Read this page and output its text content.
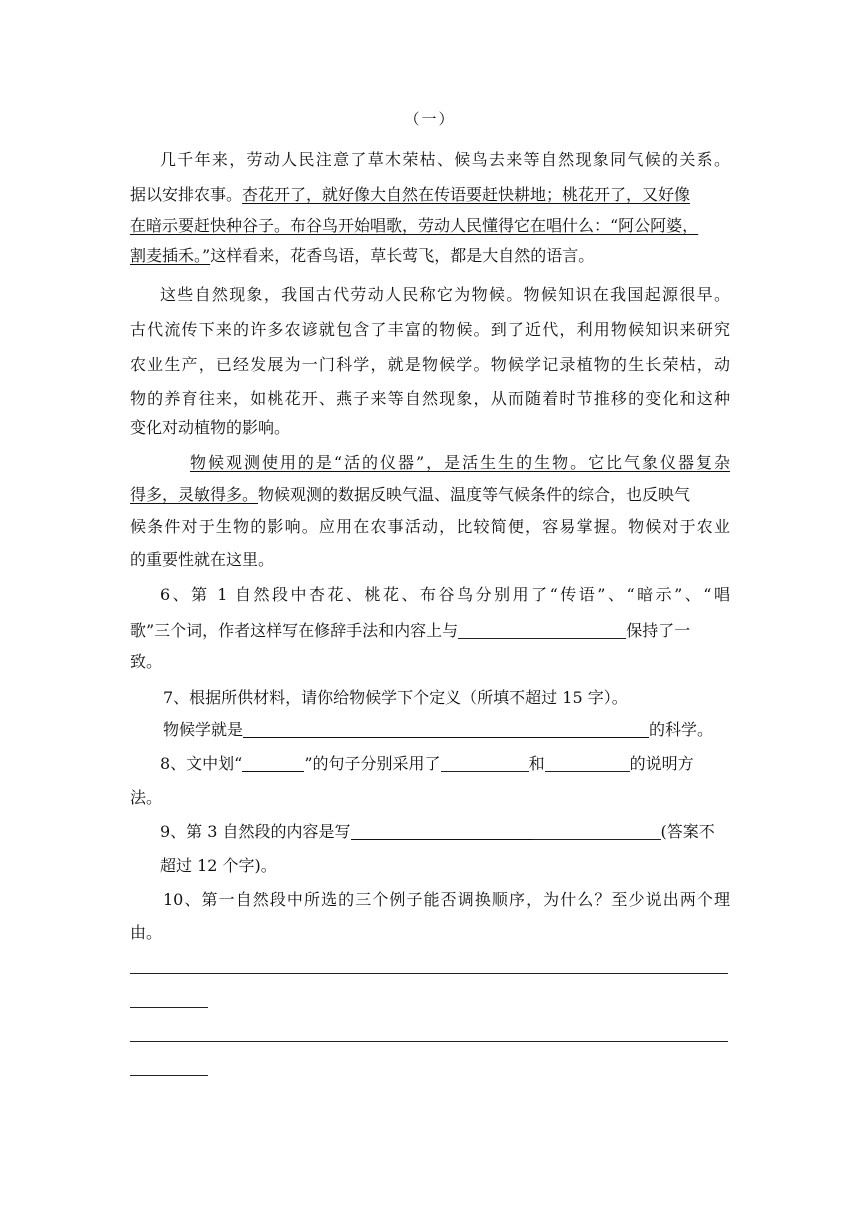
（一）
几千年来，劳动人民注意了草木荣枯、候鸟去来等自然现象同气候的关系。
据以安排农事。杏花开了，就好像大自然在传语要赶快耕地；桃花开了，又好像
在暗示要赶快种谷子。布谷鸟开始唱歌，劳动人民懂得它在唱什么：“阿公阿婆，
割麦插禾。”这样看来，花香鸟语，草长莺飞，都是大自然的语言。
这些自然现象，我国古代劳动人民称它为物候。物候知识在我国起源很早。
古代流传下来的许多农谚就包含了丰富的物候。到了近代，利用物候知识来研究
农业生产，已经发展为一门科学，就是物候学。物候学记录植物的生长荣枯，动
物的养育往来，如桃花开、燕子来等自然现象，从而随着时节推移的变化和这种
变化对动植物的影响。
物候观测使用的是“活的仪器”，是活生生的生物。它比气象仪器复杂
得多，灵敏得多。物候观测的数据反映气温、温度等气候条件的综合，也反映气
候条件对于生物的影响。应用在农事活动，比较简便，容易掌握。物候对于农业
的重要性就在这里。
6、第 1 自然段中杏花、桃花、布谷鸟分别用了“传语”、“暗示”、“唱
歌”三个词，作者这样写在修辞手法和内容上与	保持了一
致。
7、根据所供材料，请你给物候学下个定义（所填不超过 15 字）。
物候学就是	的科学。
8、文中划“	”的句子分别采用了	和	的说明方
法。
9、第 3 自然段的内容是写	(答案不
超过 12 个字)。
10、第一自然段中所选的三个例子能否调换顺序，为什么？至少说出两个理
由。
